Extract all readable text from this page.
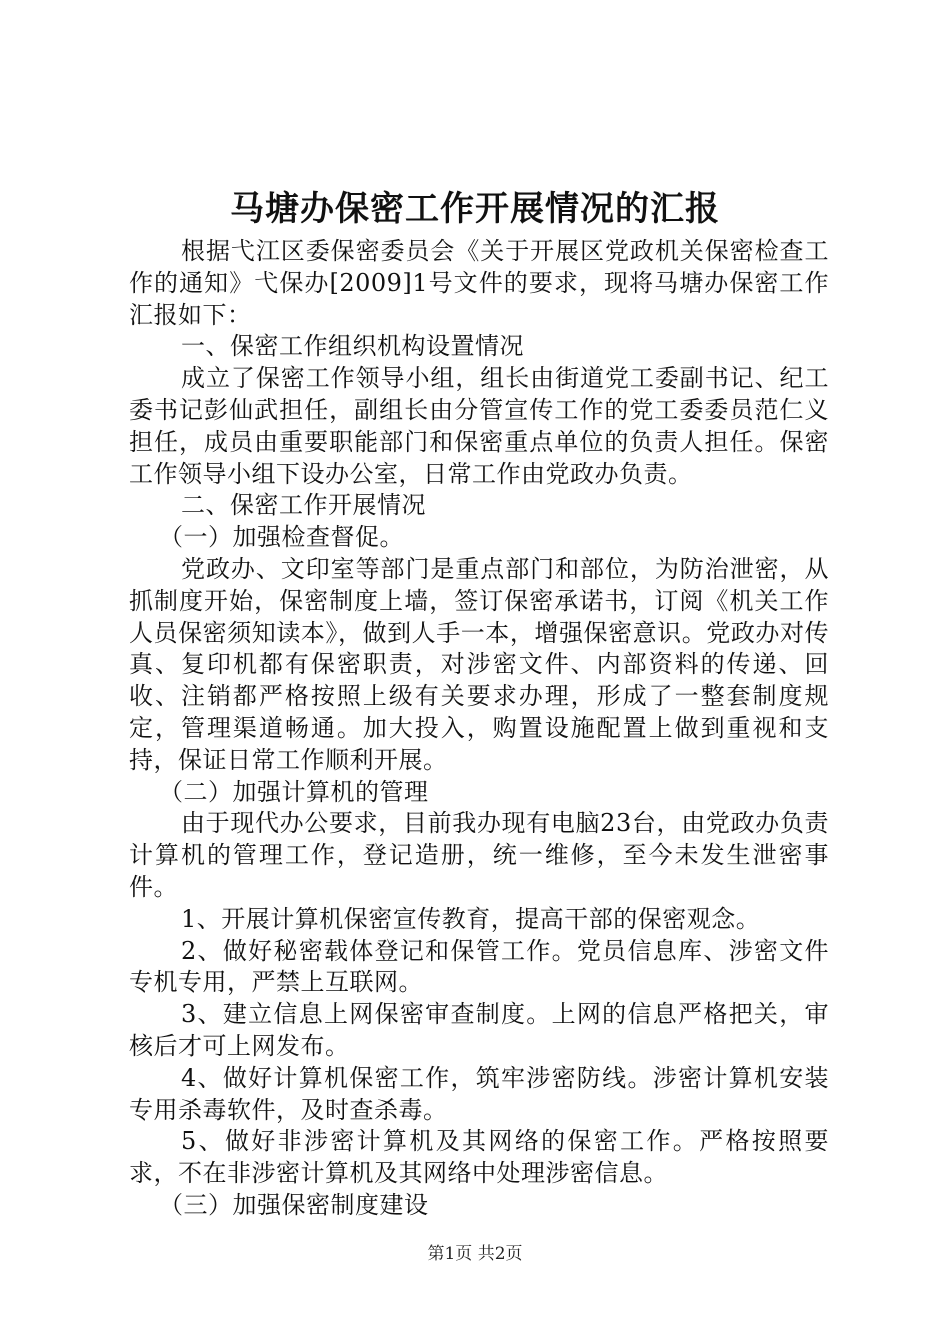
马塘办保密工作开展情况的汇报

根据弋江区委保密委员会《关于开展区党政机关保密检查工作的通知》弋保办[2009]1号文件的要求，现将马塘办保密工作汇报如下：

一、保密工作组织机构设置情况

成立了保密工作领导小组，组长由街道党工委副书记、纪工委书记彭仙武担任，副组长由分管宣传工作的党工委委员范仁义担任，成员由重要职能部门和保密重点单位的负责人担任。保密工作领导小组下设办公室，日常工作由党政办负责。

二、保密工作开展情况

（一）加强检查督促。

党政办、文印室等部门是重点部门和部位，为防治泄密，从抓制度开始，保密制度上墙，签订保密承诺书，订阅《机关工作人员保密须知读本》，做到人手一本，增强保密意识。党政办对传真、复印机都有保密职责，对涉密文件、内部资料的传递、回收、注销都严格按照上级有关要求办理，形成了一整套制度规定，管理渠道畅通。加大投入，购置设施配置上做到重视和支持，保证日常工作顺利开展。

（二）加强计算机的管理

由于现代办公要求，目前我办现有电脑23台，由党政办负责计算机的管理工作，登记造册，统一维修，至今未发生泄密事件。

1、开展计算机保密宣传教育，提高干部的保密观念。

2、做好秘密载体登记和保管工作。党员信息库、涉密文件专机专用，严禁上互联网。

3、建立信息上网保密审查制度。上网的信息严格把关，审核后才可上网发布。

4、做好计算机保密工作，筑牢涉密防线。涉密计算机安装专用杀毒软件，及时查杀毒。

5、做好非涉密计算机及其网络的保密工作。严格按照要求，不在非涉密计算机及其网络中处理涉密信息。

（三）加强保密制度建设

第1页 共2页
